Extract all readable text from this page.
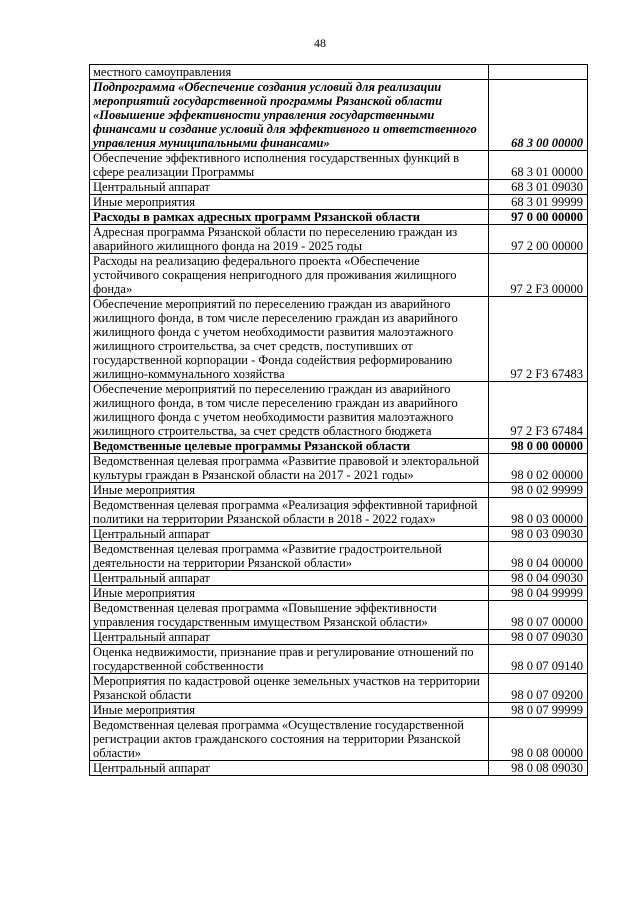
48
местного самоуправления	
Подпрограмма «Обеспечение создания условий для реализации мероприятий государственной программы Рязанской области «Повышение эффективности управления государственными финансами и создание условий для эффективного и ответственного управления муниципальными финансами»	68 3 00 00000
Обеспечение эффективного исполнения государственных функций в сфере реализации Программы	68 3 01 00000
Центральный аппарат	68 3 01 09030
Иные мероприятия	68 3 01 99999
Расходы в рамках адресных программ Рязанской области	97 0 00 00000
Адресная программа Рязанской области по переселению граждан из аварийного жилищного фонда на 2019 - 2025 годы	97 2 00 00000
Расходы на реализацию федерального проекта «Обеспечение устойчивого сокращения непригодного для проживания жилищного фонда»	97 2 F3 00000
Обеспечение мероприятий по переселению граждан из аварийного жилищного фонда, в том числе переселению граждан из аварийного жилищного фонда с учетом необходимости развития малоэтажного жилищного строительства, за счет средств, поступивших от государственной корпорации - Фонда содействия реформированию жилищно-коммунального хозяйства	97 2 F3 67483
Обеспечение мероприятий по переселению граждан из аварийного жилищного фонда, в том числе переселению граждан из аварийного жилищного фонда с учетом необходимости развития малоэтажного жилищного строительства, за счет средств областного бюджета	97 2 F3 67484
Ведомственные целевые программы Рязанской области	98 0 00 00000
Ведомственная целевая программа «Развитие правовой и электоральной культуры граждан в Рязанской области на 2017 - 2021 годы»	98 0 02 00000
Иные мероприятия	98 0 02 99999
Ведомственная целевая программа «Реализация эффективной тарифной политики на территории Рязанской области в 2018 - 2022 годах»	98 0 03 00000
Центральный аппарат	98 0 03 09030
Ведомственная целевая программа «Развитие градостроительной деятельности на территории Рязанской области»	98 0 04 00000
Центральный аппарат	98 0 04 09030
Иные мероприятия	98 0 04 99999
Ведомственная целевая программа «Повышение эффективности управления государственным имуществом Рязанской области»	98 0 07 00000
Центральный аппарат	98 0 07 09030
Оценка недвижимости, признание прав и регулирование отношений по государственной собственности	98 0 07 09140
Мероприятия по кадастровой оценке земельных участков на территории Рязанской области	98 0 07 09200
Иные мероприятия	98 0 07 99999
Ведомственная целевая программа «Осуществление государственной регистрации актов гражданского состояния на территории Рязанской области»	98 0 08 00000
Центральный аппарат	98 0 08 09030
